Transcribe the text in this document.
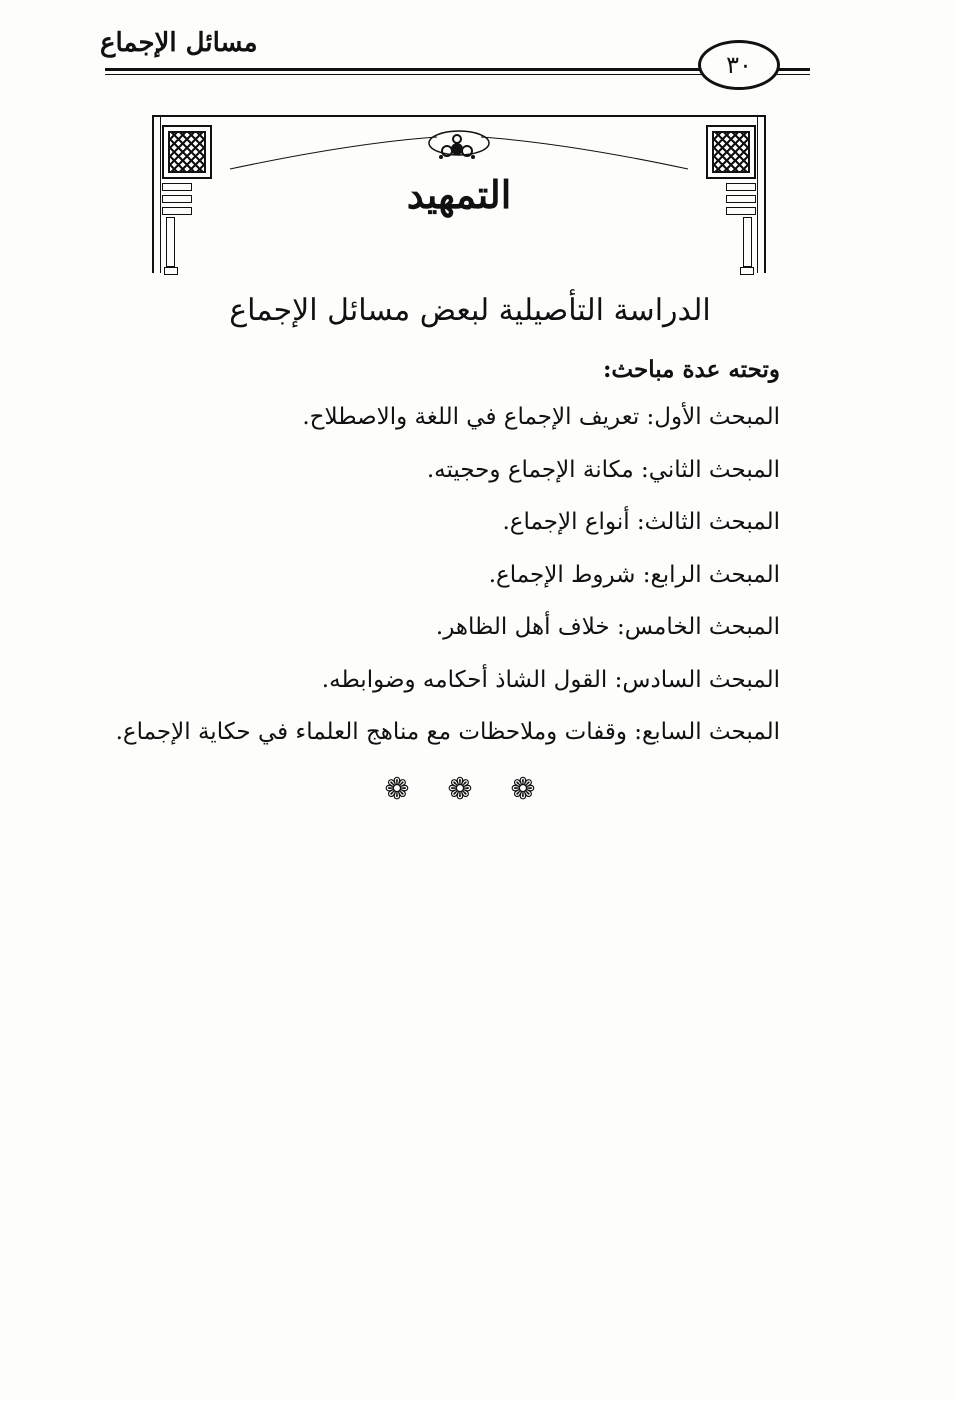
مسائل الإجماع
٣٠
التمهيد
الدراسة التأصيلية لبعض مسائل الإجماع
وتحته عدة مباحث:
المبحث الأول: تعريف الإجماع في اللغة والاصطلاح.
المبحث الثاني: مكانة الإجماع وحجيته.
المبحث الثالث: أنواع الإجماع.
المبحث الرابع: شروط الإجماع.
المبحث الخامس: خلاف أهل الظاهر.
المبحث السادس: القول الشاذ أحكامه وضوابطه.
المبحث السابع: وقفات وملاحظات مع مناهج العلماء في حكاية الإجماع.
❁ ❁ ❁
